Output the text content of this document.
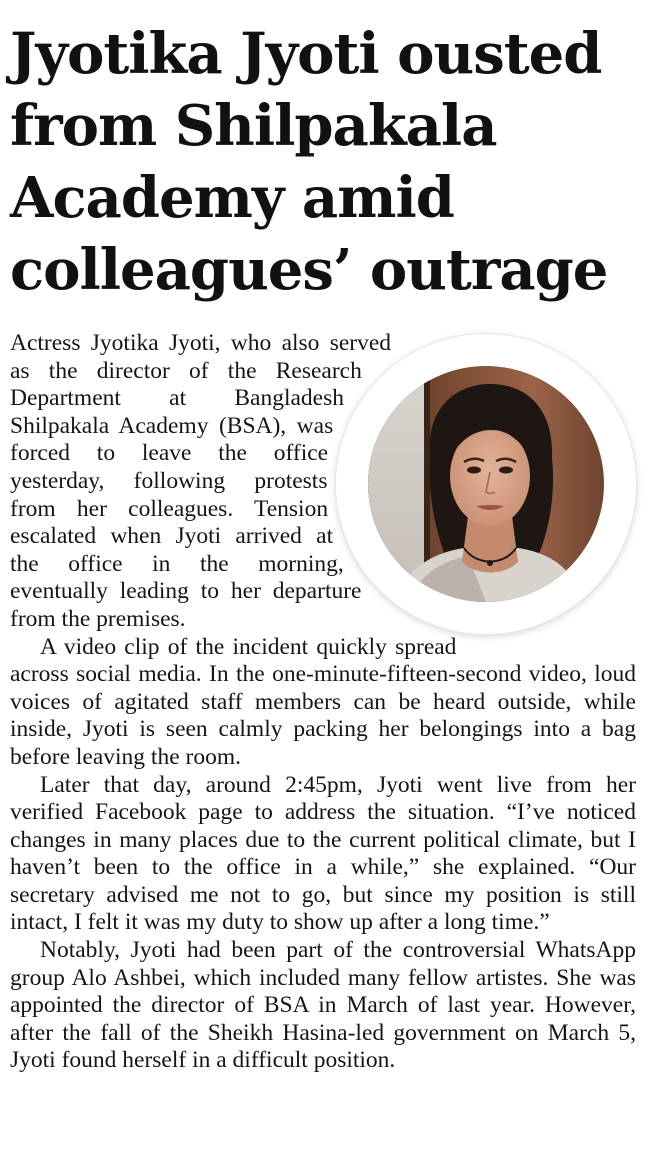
Jyotika Jyoti ousted from Shilpakala Academy amid colleagues’ outrage

Actress Jyotika Jyoti, who also served as the director of the Research Department at Bangladesh Shilpakala Academy (BSA), was forced to leave the office yesterday, following protests from her colleagues. Tension escalated when Jyoti arrived at the office in the morning, eventually leading to her departure from the premises.

A video clip of the incident quickly spread across social media. In the one-minute-fifteen-second video, loud voices of agitated staff members can be heard outside, while inside, Jyoti is seen calmly packing her belongings into a bag before leaving the room.

Later that day, around 2:45pm, Jyoti went live from her verified Facebook page to address the situation. “I’ve noticed changes in many places due to the current political climate, but I haven’t been to the office in a while,” she explained. “Our secretary advised me not to go, but since my position is still intact, I felt it was my duty to show up after a long time.”

Notably, Jyoti had been part of the controversial WhatsApp group Alo Ashbei, which included many fellow artistes. She was appointed the director of BSA in March of last year. However, after the fall of the Sheikh Hasina-led government on March 5, Jyoti found herself in a difficult position.
